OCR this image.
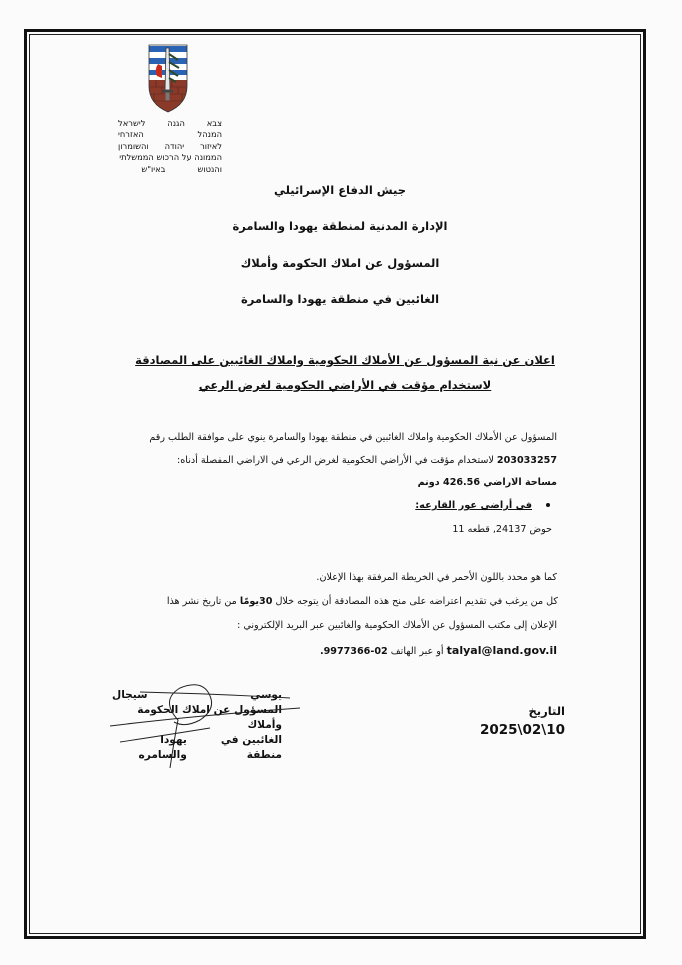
צבא
הגנה
לישראל
המנהל
האזרחי
לאיזור
יהודה
והשומרון
הממונה על הרכוש הממשלתי
והנטוש
באיו"ש
جيش الدفاع الإسرائيلي
الإدارة المدنية لمنطقة يهودا والسامرة
المسؤول عن املاك الحكومة وأملاك
الغائبين في منطقة يهودا والسامرة
اعلان عن نية المسؤول عن الأملاك الحكومية واملاك الغائبين على المصادقة
لاستخدام مؤقت في الأراضي الحكومية لغرض الرعي
المسؤول عن الأملاك الحكومية واملاك الغائبين في منطقة يهودا والسامرة ينوي على موافقة الطلب رقم
203033257 لاستخدام مؤقت في الأراضي الحكومية لغرض الرعي في الاراضي المفصلة أدناه:
مساحة الاراضي 426.56 دونم
في أراضي عور القارعه:
حوض 24137, قطعه 11
كما هو محدد باللون الأحمر في الخريطة المرفقة بهذا الإعلان.
كل من يرغب في تقديم اعتراضه على منح هذه المصادقة أن يتوجه خلال 30يومًا من تاريخ نشر هذا
الإعلان إلى مكتب المسؤول عن الأملاك الحكومية والغائبين عبر البريد الإلكتروني :
talyal@land.gov.il أو عبر الهاتف 02-9977366.
يوسي
سيجال
المسؤول عن املاك الحكومة وأملاك
الغائبين في منطقة
يهودا والسامره
التاريخ
2025\02\10
